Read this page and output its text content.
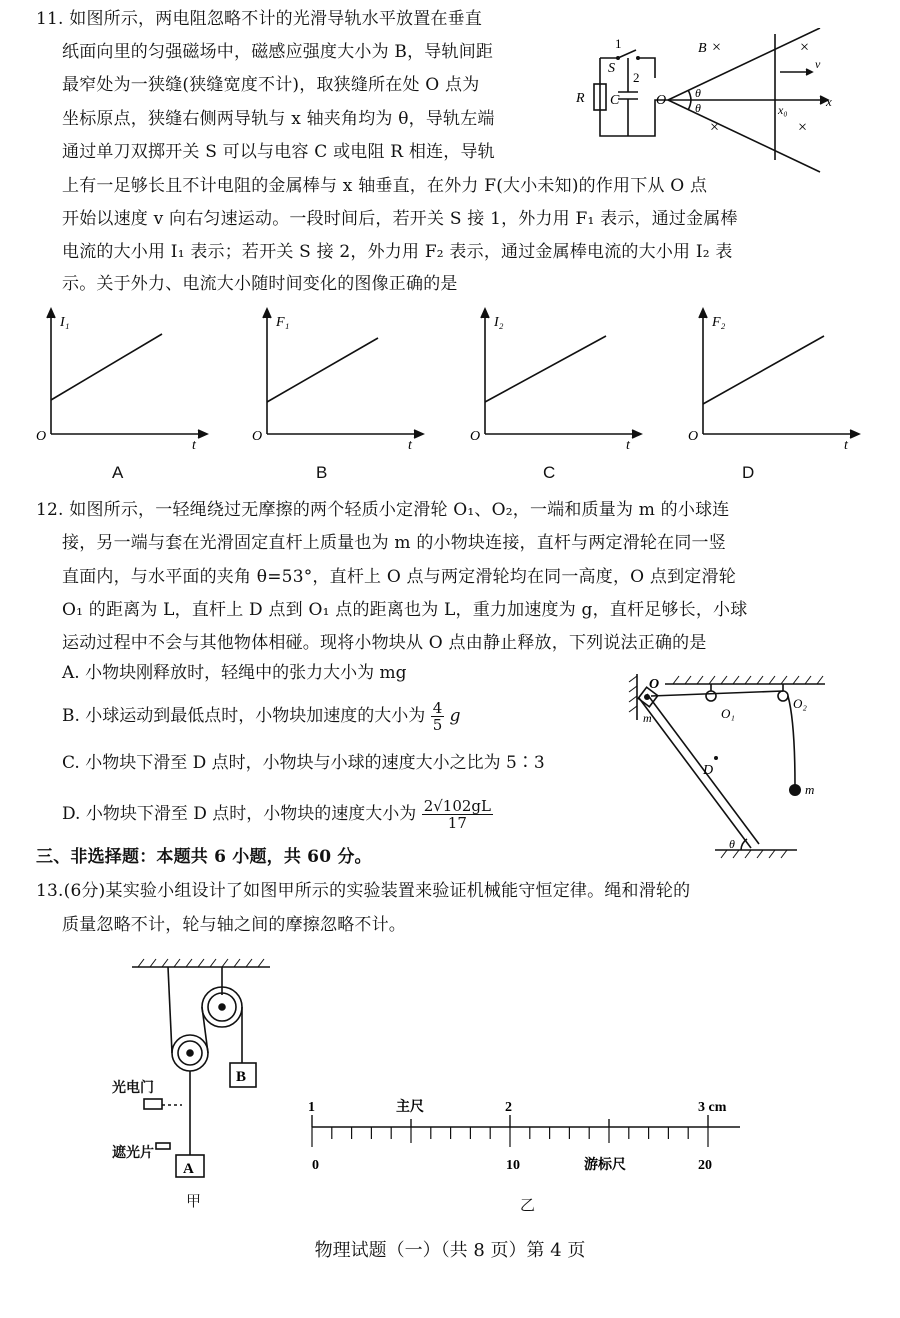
11. 如图所示，两电阻忽略不计的光滑导轨水平放置在垂直
纸面向里的匀强磁场中，磁感应强度大小为 B，导轨间距
最窄处为一狭缝(狭缝宽度不计)，取狭缝所在处 O 点为
坐标原点，狭缝右侧两导轨与 x 轴夹角均为 θ，导轨左端
通过单刀双掷开关 S 可以与电容 C 或电阻 R 相连，导轨
上有一足够长且不计电阻的金属棒与 x 轴垂直，在外力 F(大小未知)的作用下从 O 点
开始以速度 v 向右匀速运动。一段时间后，若开关 S 接 1，外力用 F₁ 表示，通过金属棒
电流的大小用 I₁ 表示；若开关 S 接 2，外力用 F₂ 表示，通过金属棒电流的大小用 I₂ 表
示。关于外力、电流大小随时间变化的图像正确的是
1
S
2
R C	O
B
θ
θ	x₀
v
x
×	×
×	×
I₁
O
t
F₁
O
t
I₂
O
t
F₂
O
t
A	B	C	D
12. 如图所示，一轻绳绕过无摩擦的两个轻质小定滑轮 O₁、O₂，一端和质量为 m 的小球连
接，另一端与套在光滑固定直杆上质量也为 m 的小物块连接，直杆与两定滑轮在同一竖
直面内，与水平面的夹角 θ=53°，直杆上 O 点与两定滑轮均在同一高度，O 点到定滑轮
O₁ 的距离为 L，直杆上 D 点到 O₁ 点的距离也为 L，重力加速度为 g，直杆足够长，小球
运动过程中不会与其他物体相碰。现将小物块从 O 点由静止释放，下列说法正确的是
A. 小物块刚释放时，轻绳中的张力大小为 mg
B. 小球运动到最低点时，小物块加速度的大小为 $\frac{4}{5}$ g
C. 小物块下滑至 D 点时，小物块与小球的速度大小之比为 5∶3
D. 小物块下滑至 D 点时，小物块的速度大小为 $\frac{2√102gL}{17}$
O
O₁
O₂
D
m
m
θ
三、非选择题：本题共 6 小题，共 60 分。
13.(6分)某实验小组设计了如图甲所示的实验装置来验证机械能守恒定律。绳和滑轮的
质量忽略不计，轮与轴之间的摩擦忽略不计。
B
A
光电门
遮光片
甲
1	2	3 cm
主尺
0	10	20
游标尺
乙
物理试题（一）（共 8 页）第 4 页
